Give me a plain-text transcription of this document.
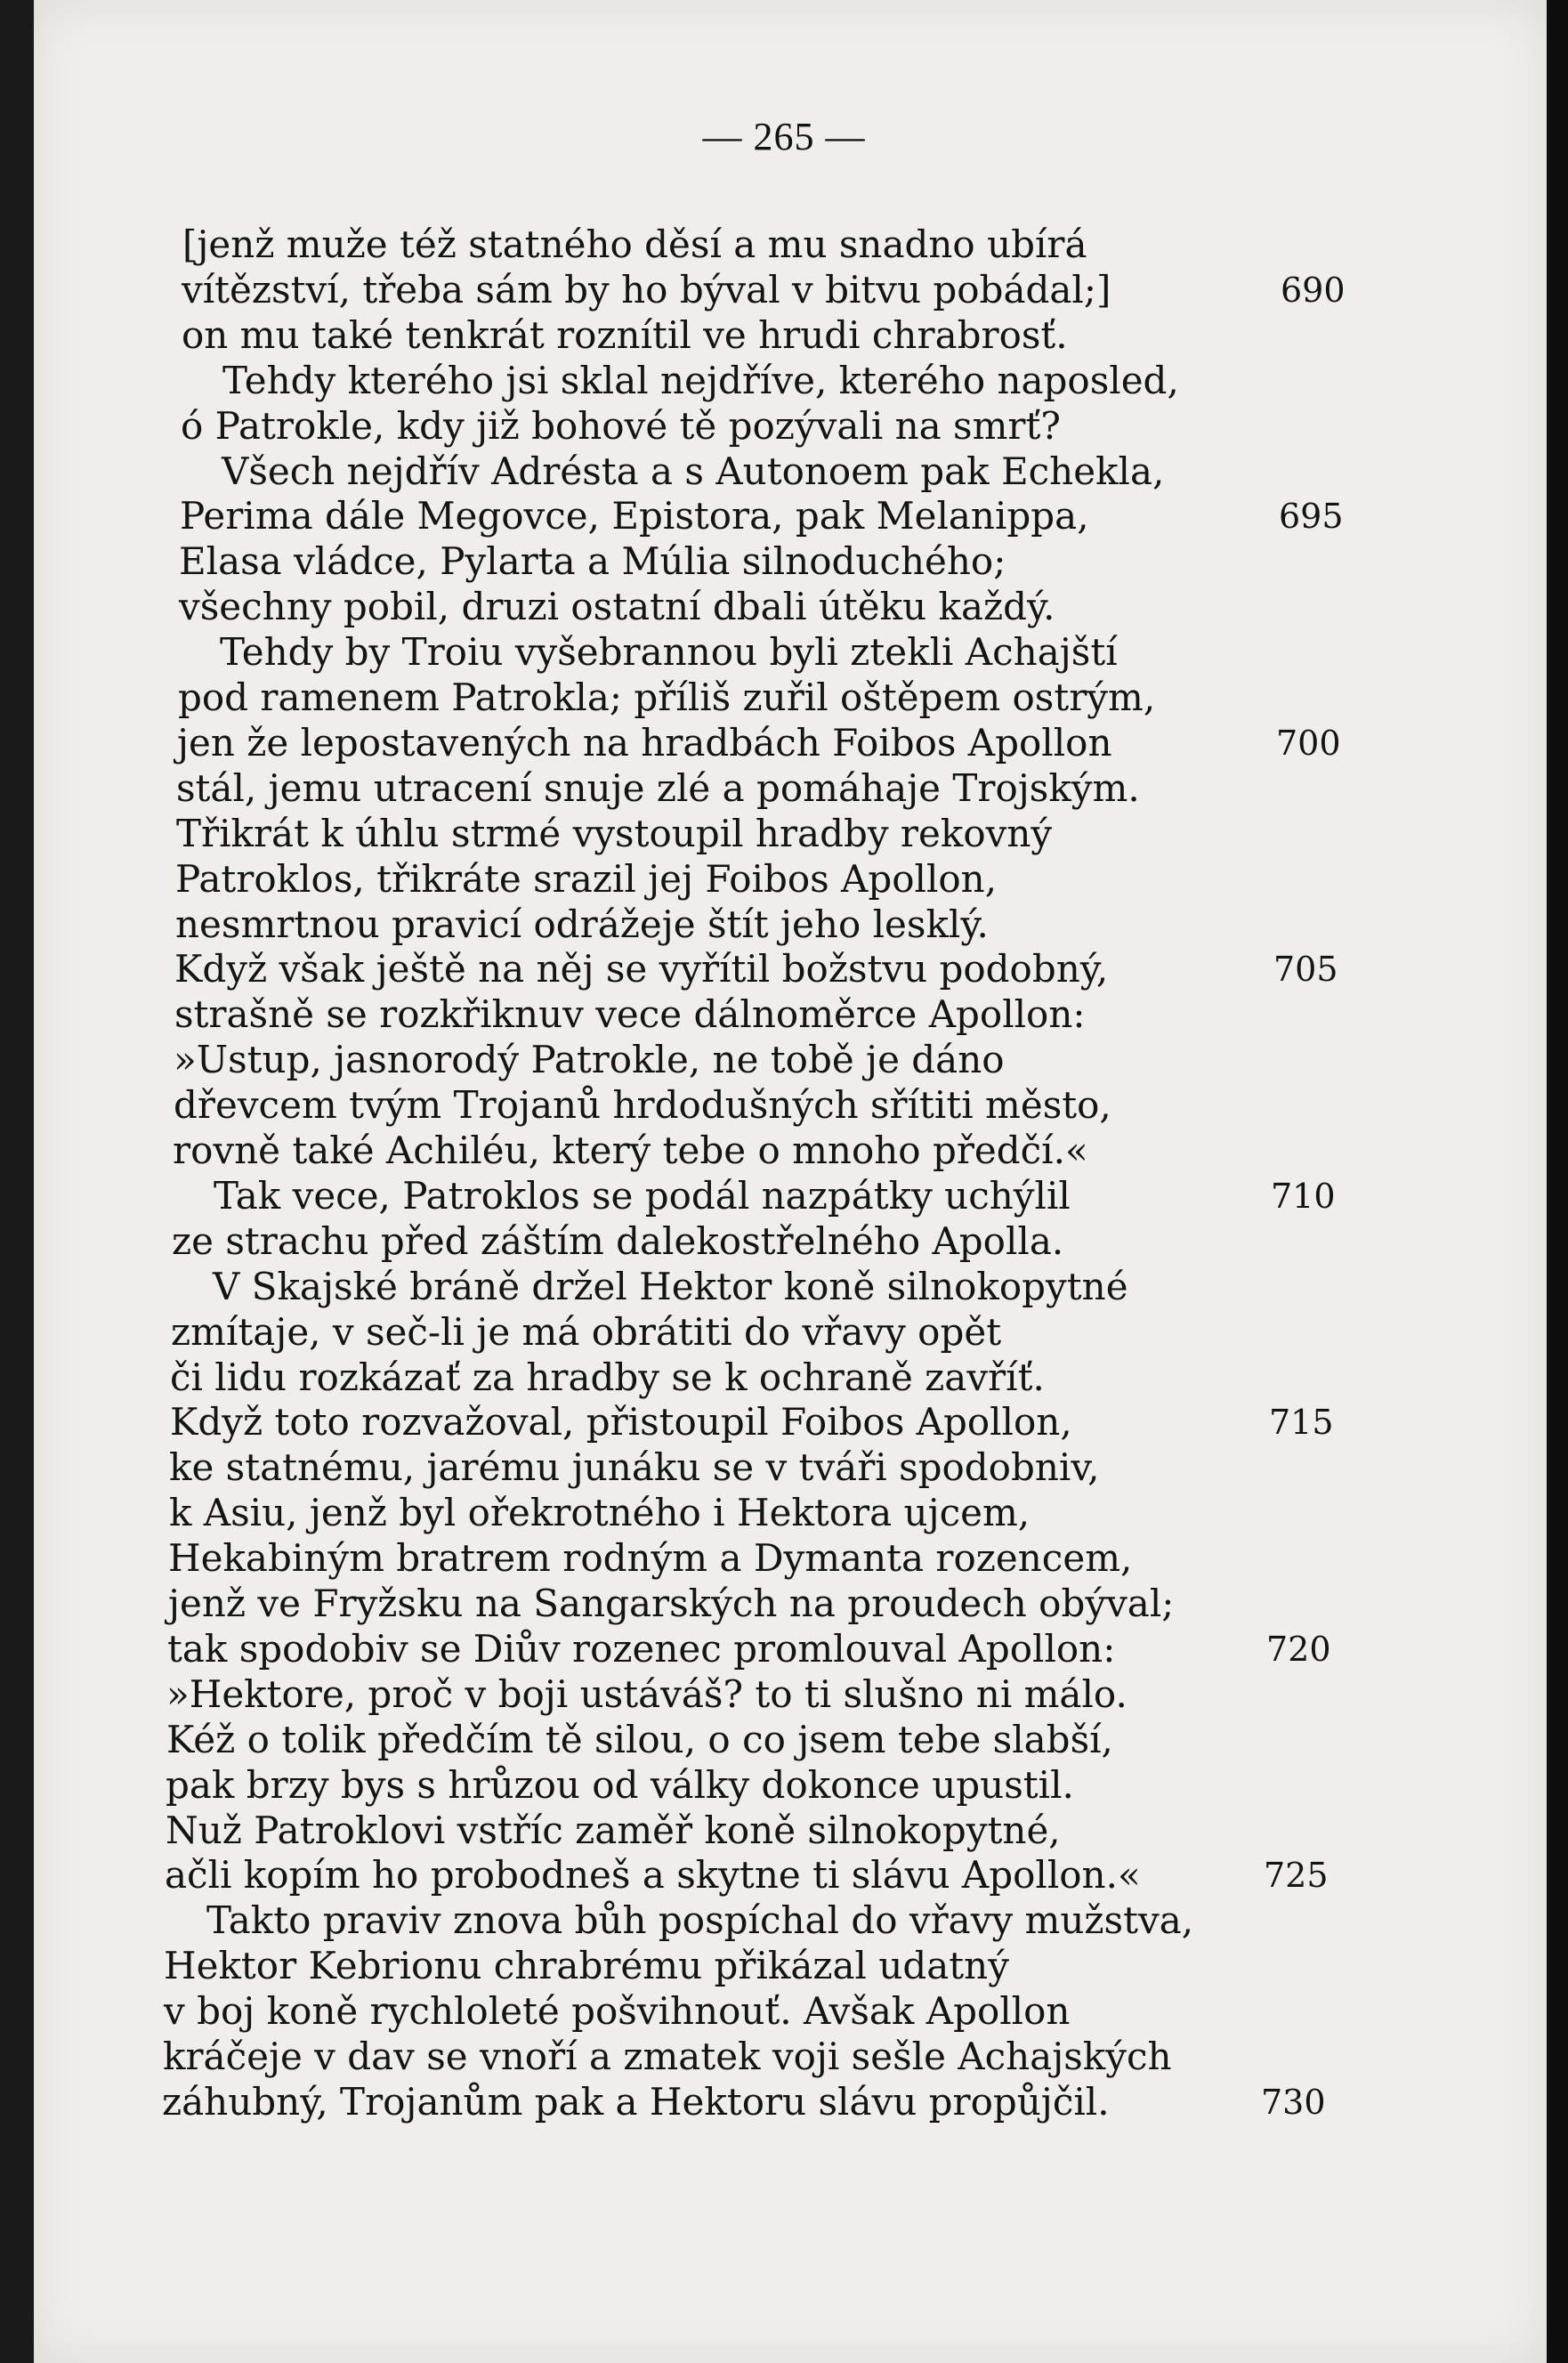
— 265 —
[jenž muže též statného děsí a mu snadno ubírá
vítězství, třeba sám by ho býval v bitvu pobádal;]	690
on mu také tenkrát roznítil ve hrudi chrabrosť.
Tehdy kterého jsi sklal nejdříve, kterého naposled,
ó Patrokle, kdy již bohové tě pozývali na smrť?
Všech nejdřív Adrésta a s Autonoem pak Echekla,
Perima dále Megovce, Epistora, pak Melanippa,	695
Elasa vládce, Pylarta a Múlia silnoduchého;
všechny pobil, druzi ostatní dbali útěku každý.
Tehdy by Troiu vyšebrannou byli ztekli Achajští
pod ramenem Patrokla; příliš zuřil oštěpem ostrým,
jen že lepostavených na hradbách Foibos Apollon	700
stál, jemu utracení snuje zlé a pomáhaje Trojským.
Třikrát k úhlu strmé vystoupil hradby rekovný
Patroklos, třikráte srazil jej Foibos Apollon,
nesmrtnou pravicí odrážeje štít jeho lesklý.
Když však ještě na něj se vyřítil božstvu podobný,	705
strašně se rozkřiknuv vece dálnoměrce Apollon:
»Ustup, jasnorodý Patrokle, ne tobě je dáno
dřevcem tvým Trojanů hrdodušných sřítiti město,
rovně také Achiléu, který tebe o mnoho předčí.«
Tak vece, Patroklos se podál nazpátky uchýlil	710
ze strachu před záštím dalekostřelného Apolla.
V Skajské bráně držel Hektor koně silnokopytné
zmítaje, v seč-li je má obrátiti do vřavy opět
či lidu rozkázať za hradby se k ochraně zavříť.
Když toto rozvažoval, přistoupil Foibos Apollon,	715
ke statnému, jarému junáku se v tváři spodobniv,
k Asiu, jenž byl ořekrotného i Hektora ujcem,
Hekabiným bratrem rodným a Dymanta rozencem,
jenž ve Fryžsku na Sangarských na proudech obýval;
tak spodobiv se Diův rozenec promlouval Apollon:	720
»Hektore, proč v boji ustáváš? to ti slušno ni málo.
Kéž o tolik předčím tě silou, o co jsem tebe slabší,
pak brzy bys s hrůzou od války dokonce upustil.
Nuž Patroklovi vstříc zaměř koně silnokopytné,
ačli kopím ho probodneš a skytne ti slávu Apollon.«	725
Takto praviv znova bůh pospíchal do vřavy mužstva,
Hektor Kebrionu chrabrému přikázal udatný
v boj koně rychloleté pošvihnouť. Avšak Apollon
kráčeje v dav se vnoří a zmatek voji sešle Achajských
záhubný, Trojanům pak a Hektoru slávu propůjčil.	730
